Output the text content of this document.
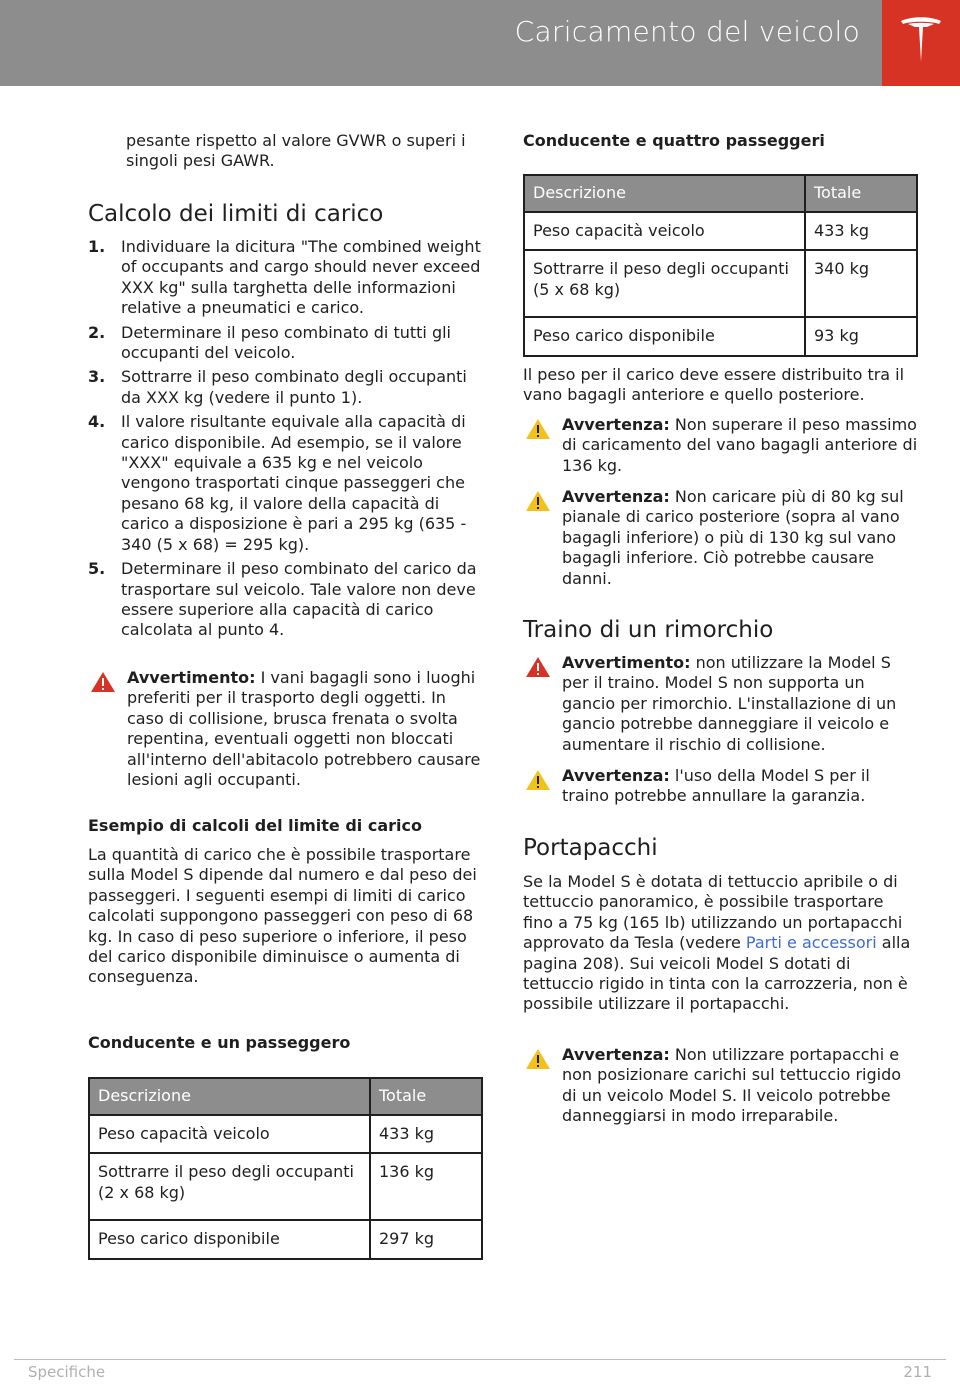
Caricamento del veicolo
pesante rispetto al valore GVWR o superi i singoli pesi GAWR.
Calcolo dei limiti di carico
1. Individuare la dicitura "The combined weight of occupants and cargo should never exceed XXX kg" sulla targhetta delle informazioni relative a pneumatici e carico.
2. Determinare il peso combinato di tutti gli occupanti del veicolo.
3. Sottrarre il peso combinato degli occupanti da XXX kg (vedere il punto 1).
4. Il valore risultante equivale alla capacità di carico disponibile. Ad esempio, se il valore "XXX" equivale a 635 kg e nel veicolo vengono trasportati cinque passeggeri che pesano 68 kg, il valore della capacità di carico a disposizione è pari a 295 kg (635 - 340 (5 x 68) = 295 kg).
5. Determinare il peso combinato del carico da trasportare sul veicolo. Tale valore non deve essere superiore alla capacità di carico calcolata al punto 4.
Avvertimento: I vani bagagli sono i luoghi preferiti per il trasporto degli oggetti. In caso di collisione, brusca frenata o svolta repentina, eventuali oggetti non bloccati all'interno dell'abitacolo potrebbero causare lesioni agli occupanti.
Esempio di calcoli del limite di carico
La quantità di carico che è possibile trasportare sulla Model S dipende dal numero e dal peso dei passeggeri. I seguenti esempi di limiti di carico calcolati suppongono passeggeri con peso di 68 kg. In caso di peso superiore o inferiore, il peso del carico disponibile diminuisce o aumenta di conseguenza.
Conducente e un passeggero
Descrizione	Totale
Peso capacità veicolo	433 kg
Sottrarre il peso degli occupanti (2 x 68 kg)	136 kg
Peso carico disponibile	297 kg
Conducente e quattro passeggeri
Descrizione	Totale
Peso capacità veicolo	433 kg
Sottrarre il peso degli occupanti (5 x 68 kg)	340 kg
Peso carico disponibile	93 kg
Il peso per il carico deve essere distribuito tra il vano bagagli anteriore e quello posteriore.
Avvertenza: Non superare il peso massimo di caricamento del vano bagagli anteriore di 136 kg.
Avvertenza: Non caricare più di 80 kg sul pianale di carico posteriore (sopra al vano bagagli inferiore) o più di 130 kg sul vano bagagli inferiore. Ciò potrebbe causare danni.
Traino di un rimorchio
Avvertimento: non utilizzare la Model S per il traino. Model S non supporta un gancio per rimorchio. L'installazione di un gancio potrebbe danneggiare il veicolo e aumentare il rischio di collisione.
Avvertenza: l'uso della Model S per il traino potrebbe annullare la garanzia.
Portapacchi
Se la Model S è dotata di tettuccio apribile o di tettuccio panoramico, è possibile trasportare fino a 75 kg (165 lb) utilizzando un portapacchi approvato da Tesla (vedere Parti e accessori alla pagina 208). Sui veicoli Model S dotati di tettuccio rigido in tinta con la carrozzeria, non è possibile utilizzare il portapacchi.
Avvertenza: Non utilizzare portapacchi e non posizionare carichi sul tettuccio rigido di un veicolo Model S. Il veicolo potrebbe danneggiarsi in modo irreparabile.
Specifiche	211
